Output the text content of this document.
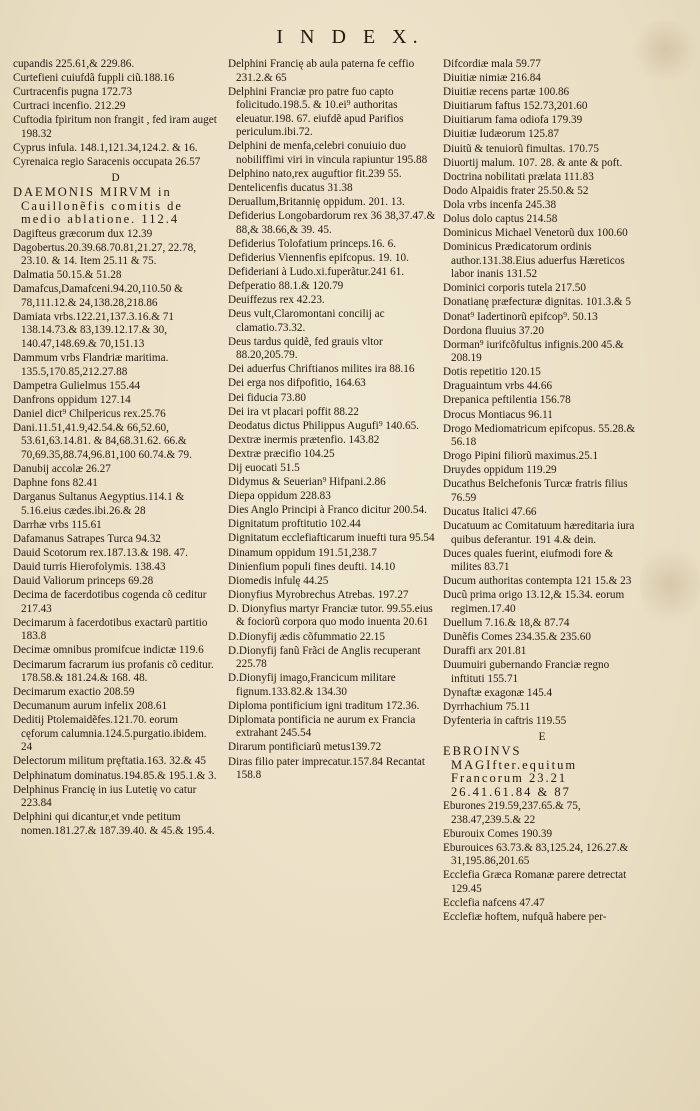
I N D E X.
cupandis 225.61,& 229.86.
Curtefieni cuiufdã fuppli ciũ.188.16
Curtracenfis pugna 172.73
Curtraci incenfio. 212.29
Cuftodia fpiritum non frangit , fed iram auget 198.32
Cyprus infula. 148.1,121.34,124.2. & 16.
Cyrenaica regio Saracenis occupata 26.57
D
DAEMONIS MIRVM in Cauillonẽfis comitis de medio ablatione. 112.4
Dagifteus græcorum dux 12.39
Dagobertus.20.39.68.70.81,21.27, 22.78, 23.10. & 14. Item 25.11 & 75.
Dalmatia 50.15.& 51.28
Damafcus,Damafceni.94.20,110.50 & 78,111.12.& 24,138.28,218.86
Damiata vrbs.122.21,137.3.16.& 71 138.14.73.& 83,139.12.17.& 30, 140.47,148.69.& 70,151.13
Dammum vrbs Flandriæ maritima. 135.5,170.85,212.27.88
Dampetra Gulielmus 155.44
Danfrons oppidum 127.14
Daniel dict⁹ Chilpericus rex.25.76
Dani.11.51,41.9,42.54.& 66,52.60, 53.61,63.14.81. & 84,68.31.62. 66.& 70,69.35,88.74,96.81,100 60.74.& 79.
Danubij accolæ 26.27
Daphne fons 82.41
Darganus Sultanus Aegyptius.114.1 & 5.16.eius cædes.ibi.26.& 28
Darrhæ vrbs 115.61
Dafamanus Satrapes Turca 94.32
Dauid Scotorum rex.187.13.& 198. 47.
Dauid turris Hierofolymis. 138.43
Dauid Valiorum princeps 69.28
Decima de facerdotibus cogenda cõ ceditur 217.43
Decimarum à facerdotibus exactarũ partitio 183.8
Decimæ omnibus promifcue indictæ 119.6
Decimarum facrarum ius profanis cõ ceditur. 178.58.& 181.24.& 168. 48.
Decimarum exactio 208.59
Decumanum aurum infelix 208.61
Deditij Ptolemaidẽfes.121.70. eorum cęforum calumnia.124.5.purgatio.ibidem. 24
Delectorum militum pręftatia.163. 32.& 45
Delphinatum dominatus.194.85.& 195.1.& 3.
Delphinus Francię in ius Lutetię vo catur 223.84
Delphini qui dicantur,et vnde petitum nomen.181.27.& 187.39.40. & 45.& 195.4.
Delphini Francię ab aula paterna fe ceffio 231.2.& 65
Delphini Franciæ pro patre fuo capto folicitudo.198.5. & 10.ei⁹ authoritas eleuatur.198. 67. eiufdẽ apud Parifios periculum.ibi.72.
Delphini de menfa,celebri conuiuio duo nobiliffimi viri in vincula rapiuntur 195.88
Delphino nato,rex auguftior fit.239 55.
Dentelicenfis ducatus 31.38
Deruallum,Britannię oppidum. 201. 13.
Defiderius Longobardorum rex 36 38,37.47.& 88,& 38.66,& 39. 45.
Defiderius Tolofatium princeps.16. 6.
Defiderius Viennenfis epifcopus. 19. 10.
Defideriani à Ludo.xi.fuperãtur.241 61.
Defperatio 88.1.& 120.79
Deuiffezus rex 42.23.
Deus vult,Claromontani concilij ac clamatio.73.32.
Deus tardus quidẽ, fed grauis vltor 88.20,205.79.
Dei aduerfus Chriftianos milites ira 88.16
Dei erga nos difpofitio, 164.63
Dei fiducia 73.80
Dei ira vt placari poffit 88.22
Deodatus dictus Philippus Augufi⁹ 140.65.
Dextræ inermis prætenfio. 143.82
Dextræ præcifio 104.25
Dij euocati 51.5
Didymus & Seuerian⁹ Hifpani.2.86
Diepa oppidum 228.83
Dies Anglo Principi à Franco dicitur 200.54.
Dignitatum proftitutio 102.44
Dignitatum ecclefiafticarum inuefti tura 95.54
Dinamum oppidum 191.51,238.7
Dinienfium populi fines deufti. 14.10
Diomedis infulę 44.25
Dionyfius Myrobrechus Atrebas. 197.27
D. Dionyfius martyr Franciæ tutor. 99.55.eius & fociorũ corpora quo modo inuenta 20.61
D.Dionyfij ædis cõfummatio 22.15
D.Dionyfij fanũ Frãci de Anglis recuperant 225.78
D.Dionyfij imago,Francicum militare fignum.133.82.& 134.30
Diploma pontificium igni traditum 172.36.
Diplomata pontificia ne aurum ex Francia extrahant 245.54
Dirarum pontificiarũ metus139.72
Diras filio pater imprecatur.157.84 Recantat 158.8
Difcordiæ mala 59.77
Diuitiæ nimiæ 216.84
Diuitiæ recens partæ 100.86
Diuitiarum faftus 152.73,201.60
Diuitiarum fama odiofa 179.39
Diuitiæ Iudæorum 125.87
Diuitũ & tenuiorũ fimultas. 170.75
Diuortij malum. 107. 28. & ante & poft.
Doctrina nobilitati prælata 111.83
Dodo Alpaidis frater 25.50.& 52
Dola vrbs incenfa 245.38
Dolus dolo captus 214.58
Dominicus Michael Venetorũ dux 100.60
Dominicus Prædicatorum ordinis author.131.38.Eius aduerfus Hæreticos labor inanis 131.52
Dominici corporis tutela 217.50
Donatianę præfecturæ dignitas. 101.3.& 5
Donat⁹ Iadertinorũ epifcop⁹. 50.13
Dordona fluuius 37.20
Dorman⁹ iurifcõfultus infignis.200 45.& 208.19
Dotis repetitio 120.15
Draguaintum vrbs 44.66
Drepanica peftilentia 156.78
Drocus Montiacus 96.11
Drogo Mediomatricum epifcopus. 55.28.& 56.18
Drogo Pipini filiorũ maximus.25.1
Druydes oppidum 119.29
Ducathus Belchefonis Turcæ fratris filius 76.59
Ducatus Italici 47.66
Ducatuum ac Comitatuum hæreditaria iura quibus deferantur. 191 4.& dein.
Duces quales fuerint, eiufmodi fore & milites 83.71
Ducum authoritas contempta 121 15.& 23
Ducũ prima origo 13.12,& 15.34. eorum regimen.17.40
Duellum 7.16.& 18,& 87.74
Dunẽfis Comes 234.35.& 235.60
Duraffi arx 201.81
Duumuiri gubernando Franciæ regno inftituti 155.71
Dynaftæ exagonæ 145.4
Dyrrhachium 75.11
Dyfenteria in caftris 119.55
E
EBROINVS MAGIfter.equitum Francorum 23.21 26.41.61.84 & 87
Eburones 219.59,237.65.& 75, 238.47,239.5.& 22
Eburouix Comes 190.39
Eburouices 63.73.& 83,125.24, 126.27.& 31,195.86,201.65
Ecclefia Græca Romanæ parere detrectat 129.45
Ecclefia nafcens 47.47
Ecclefiæ hoftem, nufquã habere per-
